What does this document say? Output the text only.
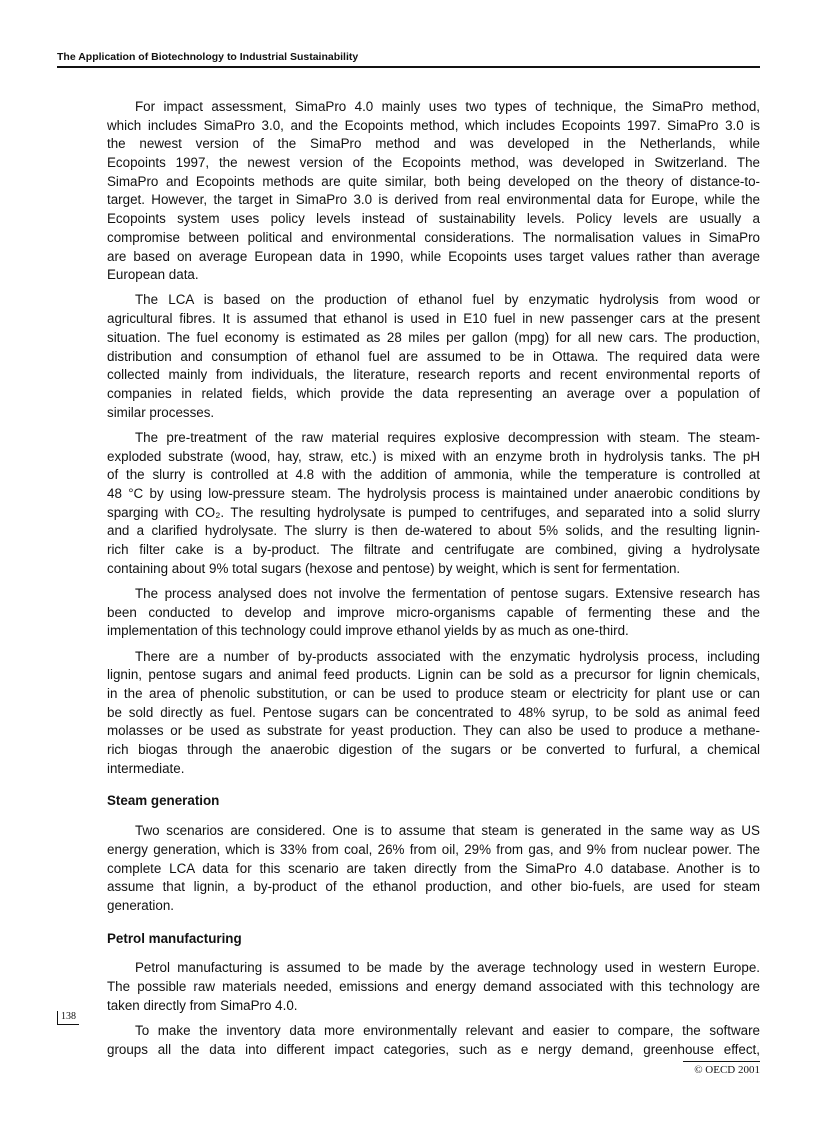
The Application of Biotechnology to Industrial Sustainability
For impact assessment, SimaPro 4.0 mainly uses two types of technique, the SimaPro method,
which includes SimaPro 3.0, and the Ecopoints method, which includes Ecopoints 1997. SimaPro 3.0 is
the newest version of the SimaPro method and was developed in the Netherlands, while
Ecopoints 1997, the newest version of the Ecopoints method, was developed in Switzerland. The
SimaPro and Ecopoints methods are quite similar, both being developed on the theory of distance-to-
target. However, the target in SimaPro 3.0 is derived from real environmental data for Europe, while the
Ecopoints system uses policy levels instead of sustainability levels. Policy levels are usually a
compromise between political and environmental considerations. The normalisation values in SimaPro
are based on average European data in 1990, while Ecopoints uses target values rather than average
European data.
The LCA is based on the production of ethanol fuel by enzymatic hydrolysis from wood or
agricultural fibres. It is assumed that ethanol is used in E10 fuel in new passenger cars at the present
situation. The fuel economy is estimated as 28 miles per gallon (mpg) for all new cars. The production,
distribution and consumption of ethanol fuel are assumed to be in Ottawa. The required data were
collected mainly from individuals, the literature, research reports and recent environmental reports of
companies in related fields, which provide the data representing an average over a population of
similar processes.
The pre-treatment of the raw material requires explosive decompression with steam. The steam-
exploded substrate (wood, hay, straw, etc.) is mixed with an enzyme broth in hydrolysis tanks. The pH
of the slurry is controlled at 4.8 with the addition of ammonia, while the temperature is controlled at
48 °C by using low-pressure steam. The hydrolysis process is maintained under anaerobic conditions by
sparging with CO₂. The resulting hydrolysate is pumped to centrifuges, and separated into a solid slurry
and a clarified hydrolysate. The slurry is then de-watered to about 5% solids, and the resulting lignin-
rich filter cake is a by-product. The filtrate and centrifugate are combined, giving a hydrolysate
containing about 9% total sugars (hexose and pentose) by weight, which is sent for fermentation.
The process analysed does not involve the fermentation of pentose sugars. Extensive research has
been conducted to develop and improve micro-organisms capable of fermenting these and the
implementation of this technology could improve ethanol yields by as much as one-third.
There are a number of by-products associated with the enzymatic hydrolysis process, including
lignin, pentose sugars and animal feed products. Lignin can be sold as a precursor for lignin chemicals,
in the area of phenolic substitution, or can be used to produce steam or electricity for plant use or can
be sold directly as fuel. Pentose sugars can be concentrated to 48% syrup, to be sold as animal feed
molasses or be used as substrate for yeast production. They can also be used to produce a methane-
rich biogas through the anaerobic digestion of the sugars or be converted to furfural, a chemical
intermediate.
Steam generation
Two scenarios are considered. One is to assume that steam is generated in the same way as US
energy generation, which is 33% from coal, 26% from oil, 29% from gas, and 9% from nuclear power. The
complete LCA data for this scenario are taken directly from the SimaPro 4.0 database. Another is to
assume that lignin, a by-product of the ethanol production, and other bio-fuels, are used for steam
generation.
Petrol manufacturing
Petrol manufacturing is assumed to be made by the average technology used in western Europe.
The possible raw materials needed, emissions and energy demand associated with this technology are
taken directly from SimaPro 4.0.
To make the inventory data more environmentally relevant and easier to compare, the software
groups all the data into different impact categories, such as e nergy demand, greenhouse effect,
138
© OECD 2001
